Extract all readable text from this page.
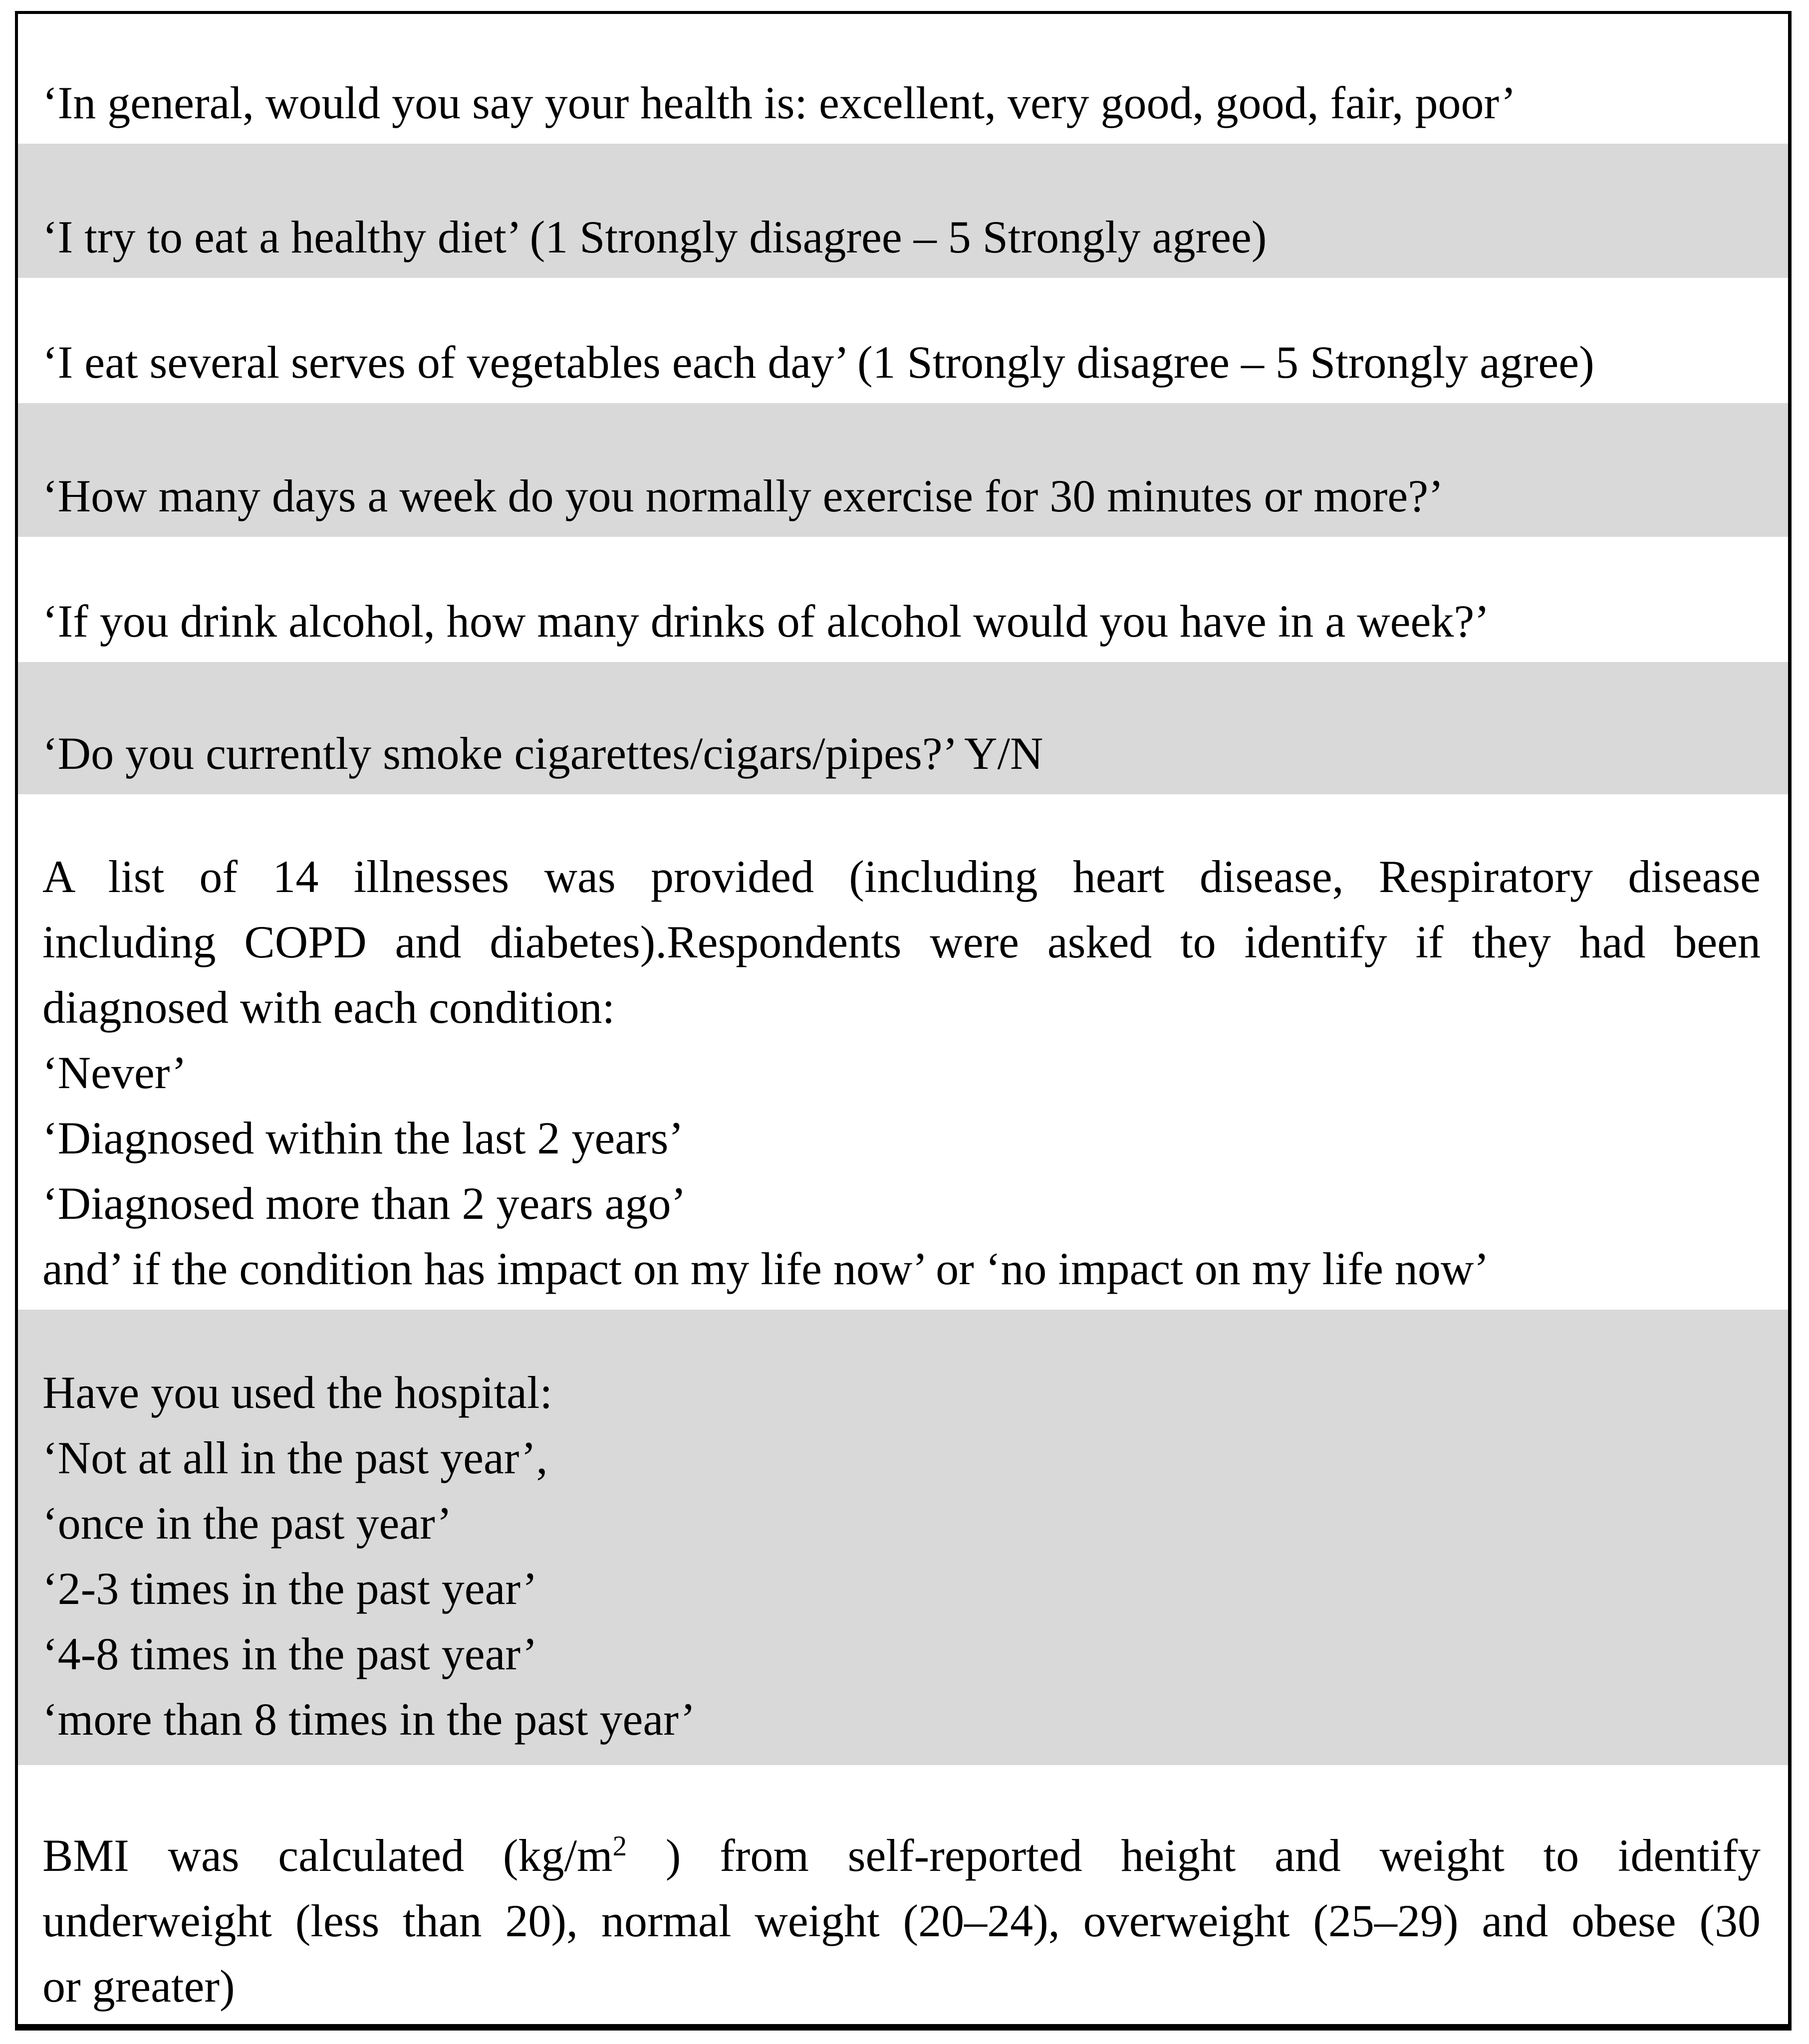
‘In general, would you say your health is: excellent, very good, good, fair, poor’
‘I try to eat a healthy diet’ (1 Strongly disagree – 5 Strongly agree)
‘I eat several serves of vegetables each day’ (1 Strongly disagree – 5 Strongly agree)
‘How many days a week do you normally exercise for 30 minutes or more?’
‘If you drink alcohol, how many drinks of alcohol would you have in a week?’
‘Do you currently smoke cigarettes/cigars/pipes?’ Y/N
A list of 14 illnesses was provided (including heart disease, Respiratory disease
including COPD and diabetes).Respondents were asked to identify if they had been
diagnosed with each condition:
‘Never’
‘Diagnosed within the last 2 years’
‘Diagnosed more than 2 years ago’
and’ if the condition has impact on my life now’ or ‘no impact on my life now’
Have you used the hospital:
‘Not at all in the past year’,
‘once in the past year’
‘2-3 times in the past year’
‘4-8 times in the past year’
‘more than 8 times in the past year’
BMI was calculated ($kg/m^2$ ) from self-reported height and weight to identify
underweight (less than 20), normal weight (20–24), overweight (25–29) and obese (30
or greater)
